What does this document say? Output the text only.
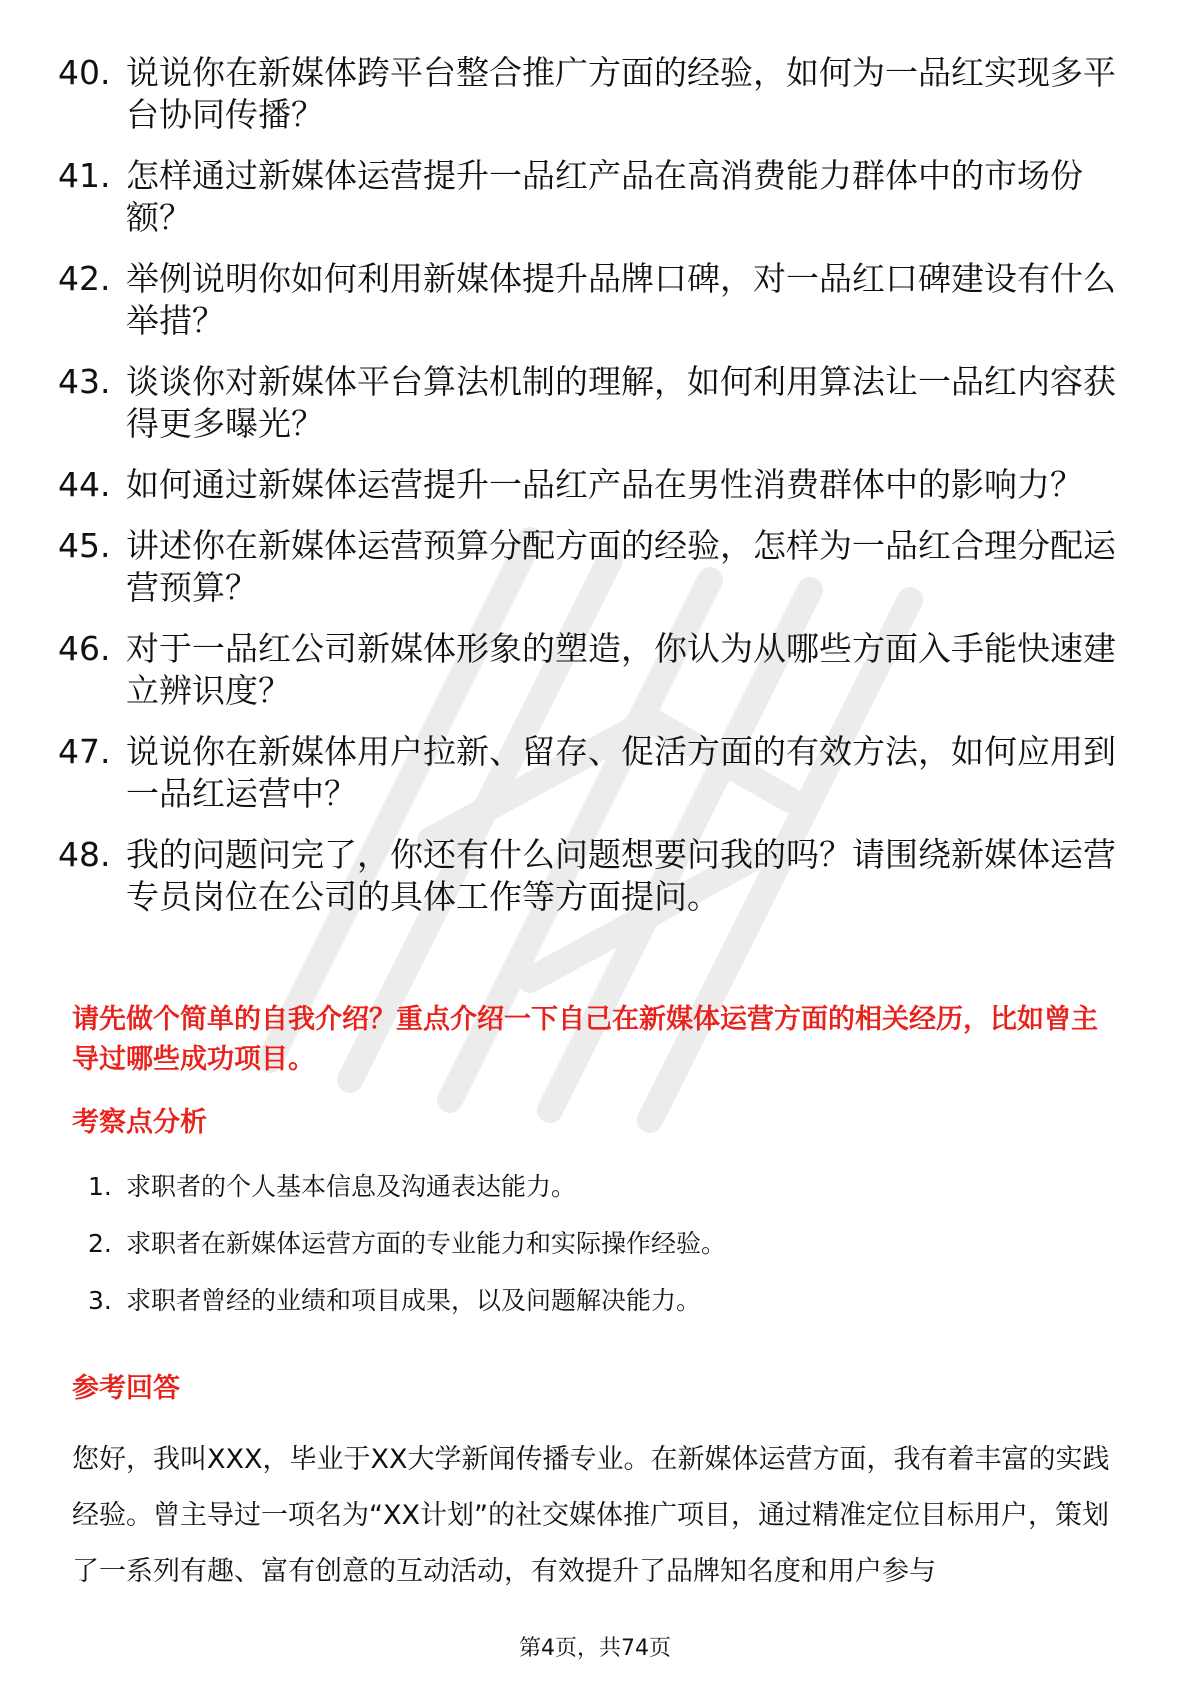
40. 说说你在新媒体跨平台整合推广方面的经验，如何为一品红实现多平台协同传播？
41. 怎样通过新媒体运营提升一品红产品在高消费能力群体中的市场份额？
42. 举例说明你如何利用新媒体提升品牌口碑，对一品红口碑建设有什么举措？
43. 谈谈你对新媒体平台算法机制的理解，如何利用算法让一品红内容获得更多曝光？
44. 如何通过新媒体运营提升一品红产品在男性消费群体中的影响力？
45. 讲述你在新媒体运营预算分配方面的经验，怎样为一品红合理分配运营预算？
46. 对于一品红公司新媒体形象的塑造，你认为从哪些方面入手能快速建立辨识度？
47. 说说你在新媒体用户拉新、留存、促活方面的有效方法，如何应用到一品红运营中？
48. 我的问题问完了，你还有什么问题想要问我的吗？请围绕新媒体运营专员岗位在公司的具体工作等方面提问。

请先做个简单的自我介绍？重点介绍一下自己在新媒体运营方面的相关经历，比如曾主导过哪些成功项目。

考察点分析
1. 求职者的个人基本信息及沟通表达能力。
2. 求职者在新媒体运营方面的专业能力和实际操作经验。
3. 求职者曾经的业绩和项目成果，以及问题解决能力。
参考回答

您好，我叫XXX，毕业于XX大学新闻传播专业。在新媒体运营方面，我有着丰富的实践经验。曾主导过一项名为“XX计划”的社交媒体推广项目，通过精准定位目标用户，策划了一系列有趣、富有创意的互动活动，有效提升了品牌知名度和用户参与

第4页，共74页
